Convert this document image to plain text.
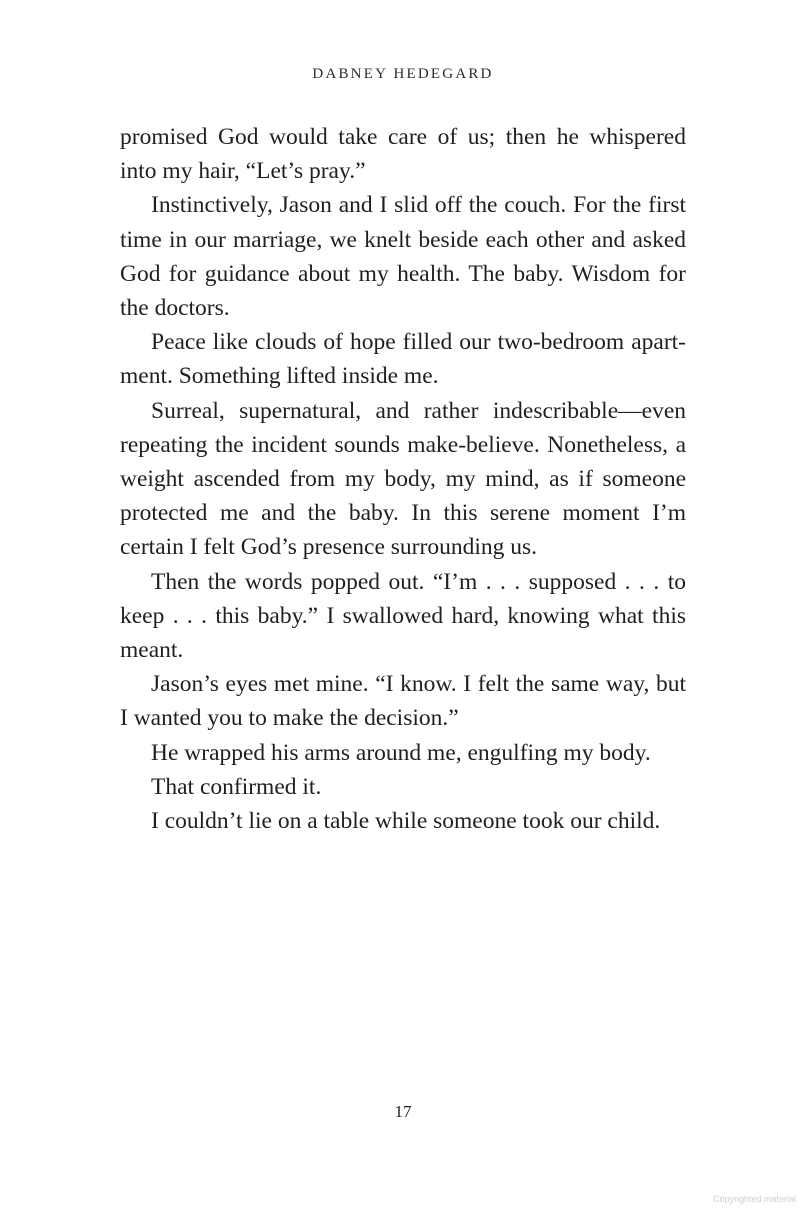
DABNEY HEDEGARD

promised God would take care of us; then he whispered into my hair, “Let’s pray.”

Instinctively, Jason and I slid off the couch. For the first time in our marriage, we knelt beside each other and asked God for guidance about my health. The baby. Wisdom for the doctors.

Peace like clouds of hope filled our two-bedroom apartment. Something lifted inside me.

Surreal, supernatural, and rather indescribable—even repeating the incident sounds make-believe. Nonetheless, a weight ascended from my body, my mind, as if someone protected me and the baby. In this serene moment I’m certain I felt God’s presence surrounding us.

Then the words popped out. “I’m . . . supposed . . . to keep . . . this baby.” I swallowed hard, knowing what this meant.

Jason’s eyes met mine. “I know. I felt the same way, but I wanted you to make the decision.”

He wrapped his arms around me, engulfing my body.

That confirmed it.

I couldn’t lie on a table while someone took our child.

17
Copyrighted material
